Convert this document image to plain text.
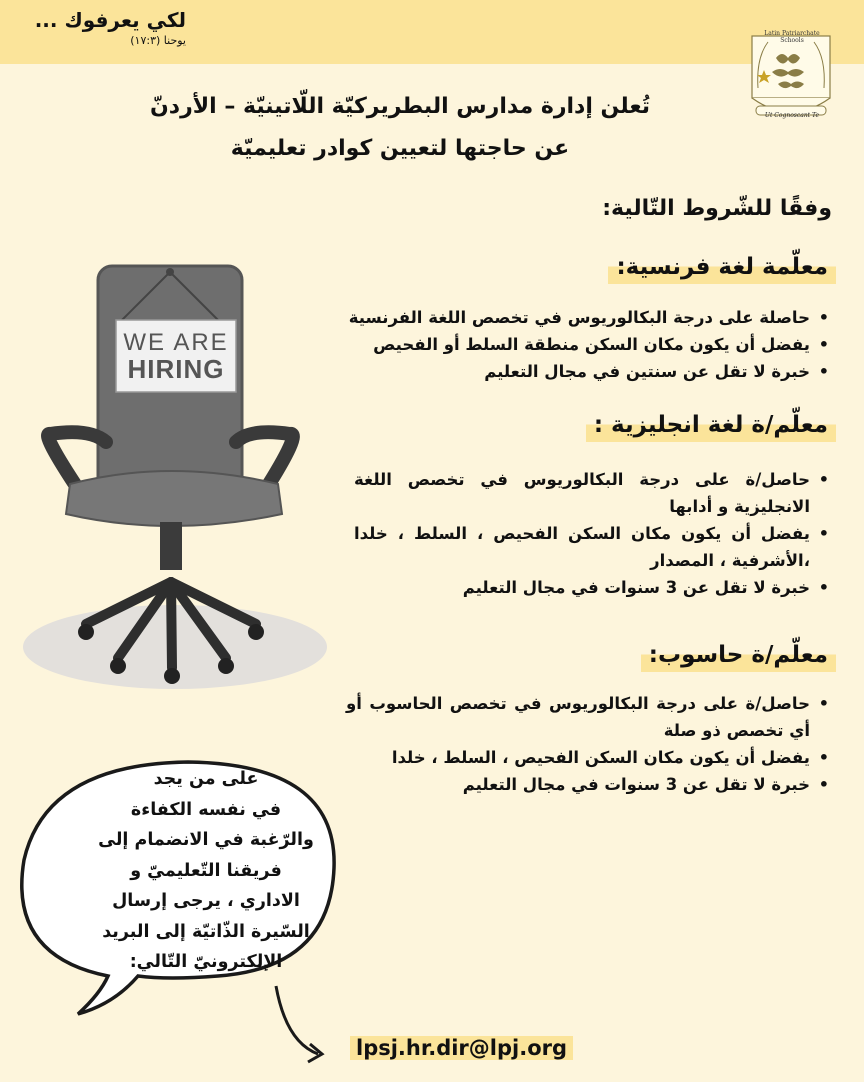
لكي يعرفوك ...
يوحنا (١٧:٣)
Latin Patriarchate Schools
Ut Cognoscant Te
تُعلن إدارة مدارس البطريركيّة اللّاتينيّة – الأردنّ
عن حاجتها لتعيين كوادر تعليميّة
وفقًا للشّروط التّالية:
معلّمة لغة فرنسية:
• حاصلة على درجة البكالوريوس في تخصص اللغة الفرنسية
• يفضل أن يكون مكان السكن منطقة السلط أو الفحيص
• خبرة لا تقل عن سنتين في مجال التعليم
معلّم/ة لغة انجليزية :
• حاصل/ة على درجة البكالوريوس في تخصص اللغة الانجليزية و أدابها
• يفضل أن يكون مكان السكن الفحيص ، السلط ، خلدا ،الأشرفية ، المصدار
• خبرة لا تقل عن 3 سنوات في مجال التعليم
معلّم/ة حاسوب:
• حاصل/ة على درجة البكالوريوس في تخصص الحاسوب أو أي تخصص ذو صلة
• يفضل أن يكون مكان السكن الفحيص ، السلط ، خلدا
• خبرة لا تقل عن 3 سنوات في مجال التعليم
WE ARE
HIRING
على من يجد
في نفسه الكفاءة
والرّغبة في الانضمام إلى
فريقنا التّعليميّ و
الاداري ، يرجى إرسال
السّيرة الذّاتيّة إلى البريد
الإلكترونيّ التّالي:
lpsj.hr.dir@lpj.org
